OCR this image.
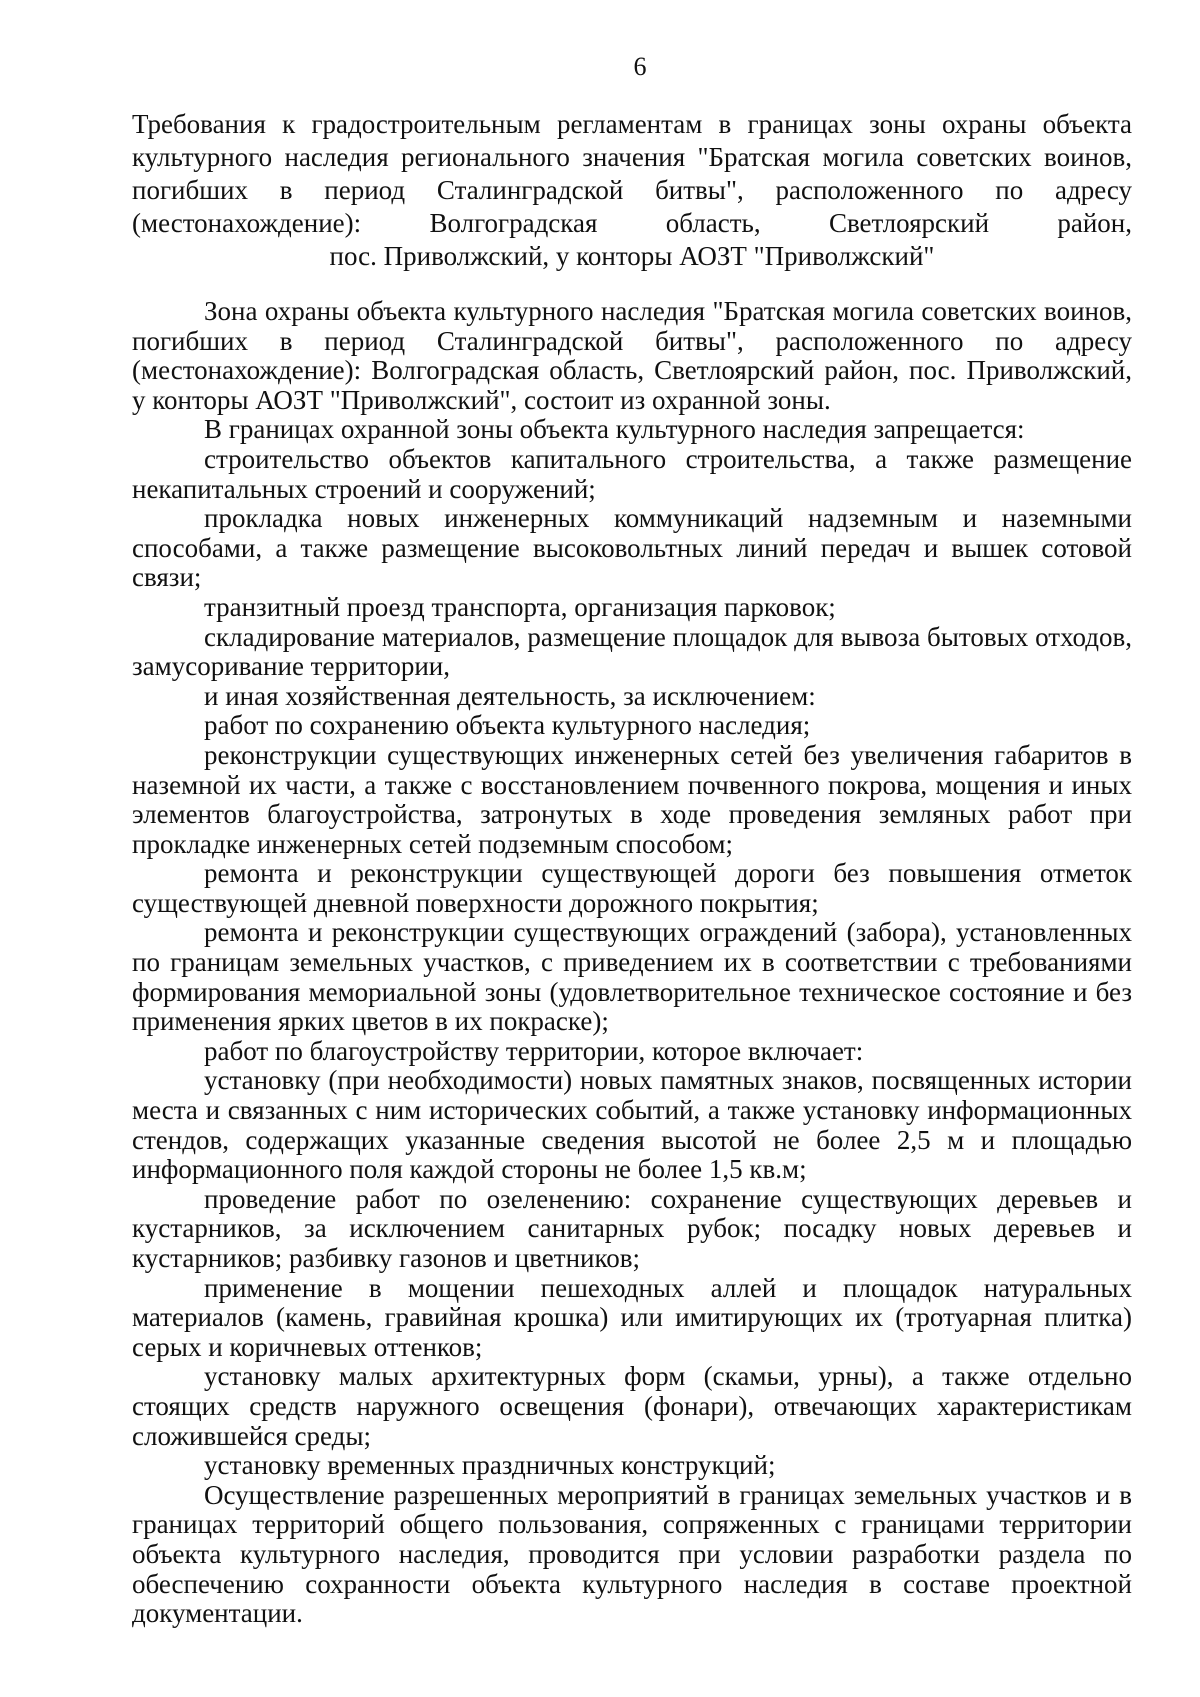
6
Требования к градостроительным регламентам в границах зоны охраны объекта
культурного наследия регионального значения "Братская могила советских воинов,
погибших в период Сталинградской битвы", расположенного по адресу
(местонахождение): Волгоградская область, Светлоярский район,
пос. Приволжский, у конторы АОЗТ "Приволжский"

Зона охраны объекта культурного наследия "Братская могила советских воинов, погибших в период Сталинградской битвы", расположенного по адресу (местонахождение): Волгоградская область, Светлоярский район, пос. Приволжский, у конторы АОЗТ "Приволжский", состоит из охранной зоны.

В границах охранной зоны объекта культурного наследия запрещается:

строительство объектов капитального строительства, а также размещение некапитальных строений и сооружений;

прокладка новых инженерных коммуникаций надземным и наземными способами, а также размещение высоковольтных линий передач и вышек сотовой связи;

транзитный проезд транспорта, организация парковок;

складирование материалов, размещение площадок для вывоза бытовых отходов, замусоривание территории,

и иная хозяйственная деятельность, за исключением:

работ по сохранению объекта культурного наследия;

реконструкции существующих инженерных сетей без увеличения габаритов в наземной их части, а также с восстановлением почвенного покрова, мощения и иных элементов благоустройства, затронутых в ходе проведения земляных работ при прокладке инженерных сетей подземным способом;

ремонта и реконструкции существующей дороги без повышения отметок существующей дневной поверхности дорожного покрытия;

ремонта и реконструкции существующих ограждений (забора), установленных по границам земельных участков, с приведением их в соответствии с требованиями формирования мемориальной зоны (удовлетворительное техническое состояние и без применения ярких цветов в их покраске);

работ по благоустройству территории, которое включает:

установку (при необходимости) новых памятных знаков, посвященных истории места и связанных с ним исторических событий, а также установку информационных стендов, содержащих указанные сведения высотой не более 2,5 м и площадью информационного поля каждой стороны не более 1,5 кв.м;

проведение работ по озеленению: сохранение существующих деревьев и кустарников, за исключением санитарных рубок; посадку новых деревьев и кустарников; разбивку газонов и цветников;

применение в мощении пешеходных аллей и площадок натуральных материалов (камень, гравийная крошка) или имитирующих их (тротуарная плитка) серых и коричневых оттенков;

установку малых архитектурных форм (скамьи, урны), а также отдельно стоящих средств наружного освещения (фонари), отвечающих характеристикам сложившейся среды;

установку временных праздничных конструкций;

Осуществление разрешенных мероприятий в границах земельных участков и в границах территорий общего пользования, сопряженных с границами территории объекта культурного наследия, проводится при условии разработки раздела по обеспечению сохранности объекта культурного наследия в составе проектной документации.
